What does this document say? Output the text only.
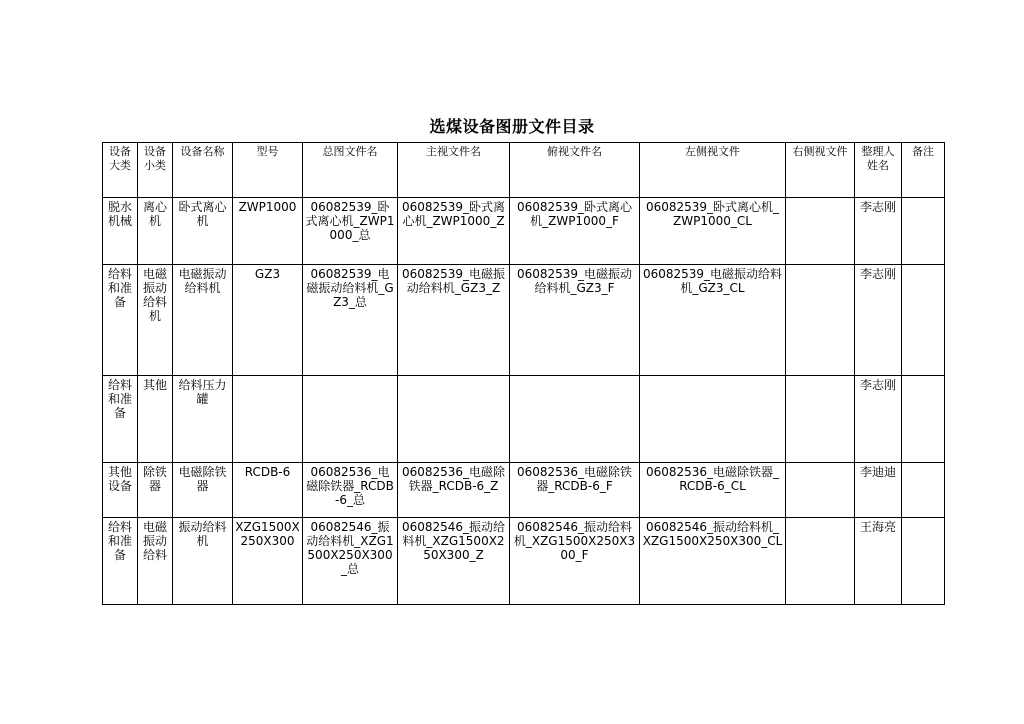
选煤设备图册文件目录
设备大类	设备小类	设备名称	型号	总图文件名	主视文件名	俯视文件名	左侧视文件	右侧视文件	整理人姓名	备注
脱水机械	离心机	卧式离心机	ZWP1000	06082539_卧式离心机_ZWP1000_总	06082539_卧式离心机_ZWP1000_Z	06082539_卧式离心机_ZWP1000_F	06082539_卧式离心机_ZWP1000_CL		李志刚	
给料和准备	电磁振动给料机	电磁振动给料机	GZ3	06082539_电磁振动给料机_GZ3_总	06082539_电磁振动给料机_GZ3_Z	06082539_电磁振动给料机_GZ3_F	06082539_电磁振动给料机_GZ3_CL		李志刚	
给料和准备	其他	给料压力罐							李志刚	
其他设备	除铁器	电磁除铁器	RCDB-6	06082536_电磁除铁器_RCDB-6_总	06082536_电磁除铁器_RCDB-6_Z	06082536_电磁除铁器_RCDB-6_F	06082536_电磁除铁器_RCDB-6_CL		李迪迪	
给料和准备	电磁振动给料	振动给料机	XZG1500X250X300	06082546_振动给料机_XZG1500X250X300_总	06082546_振动给料机_XZG1500X250X300_Z	06082546_振动给料机_XZG1500X250X300_F	06082546_振动给料机_XZG1500X250X300_CL		王海亮	
